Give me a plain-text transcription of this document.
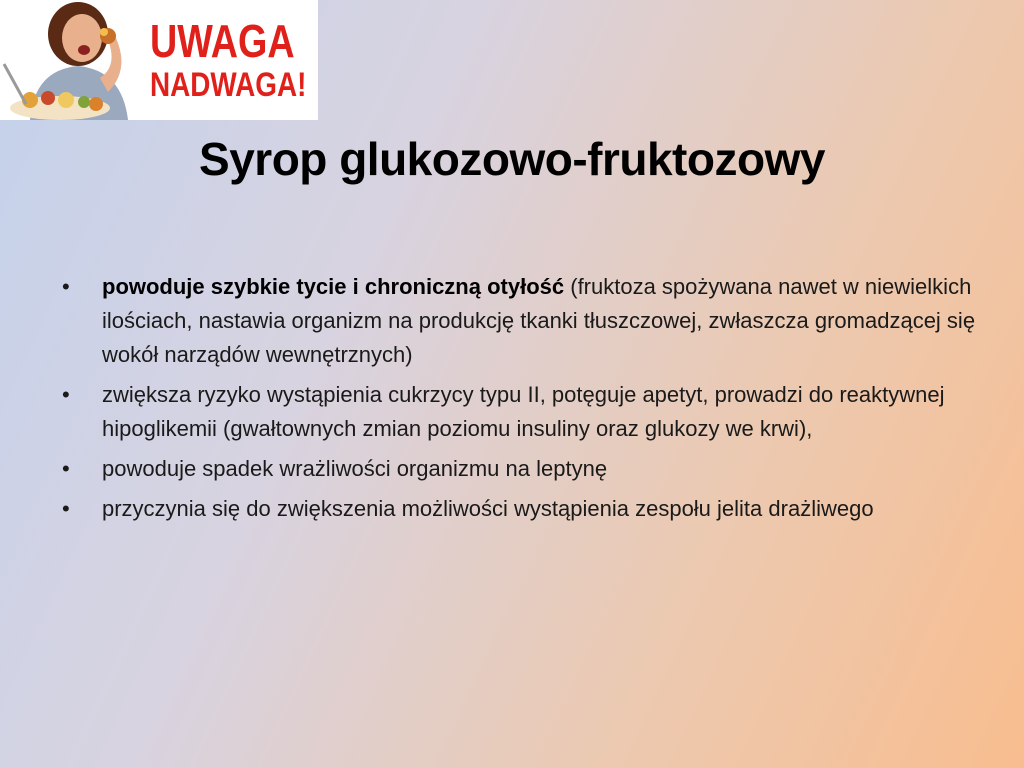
UWAGA
NADWAGA!
Syrop glukozowo-fruktozowy
• powoduje szybkie tycie i chroniczną otyłość (fruktoza spożywana nawet w niewielkich ilościach, nastawia organizm na produkcję tkanki tłuszczowej, zwłaszcza gromadzącej się wokół narządów wewnętrznych)
• zwiększa ryzyko wystąpienia cukrzycy typu II, potęguje apetyt, prowadzi do reaktywnej hipoglikemii (gwałtownych zmian poziomu insuliny oraz glukozy we krwi),
• powoduje spadek wrażliwości organizmu na leptynę
• przyczynia się do zwiększenia możliwości wystąpienia zespołu jelita drażliwego
